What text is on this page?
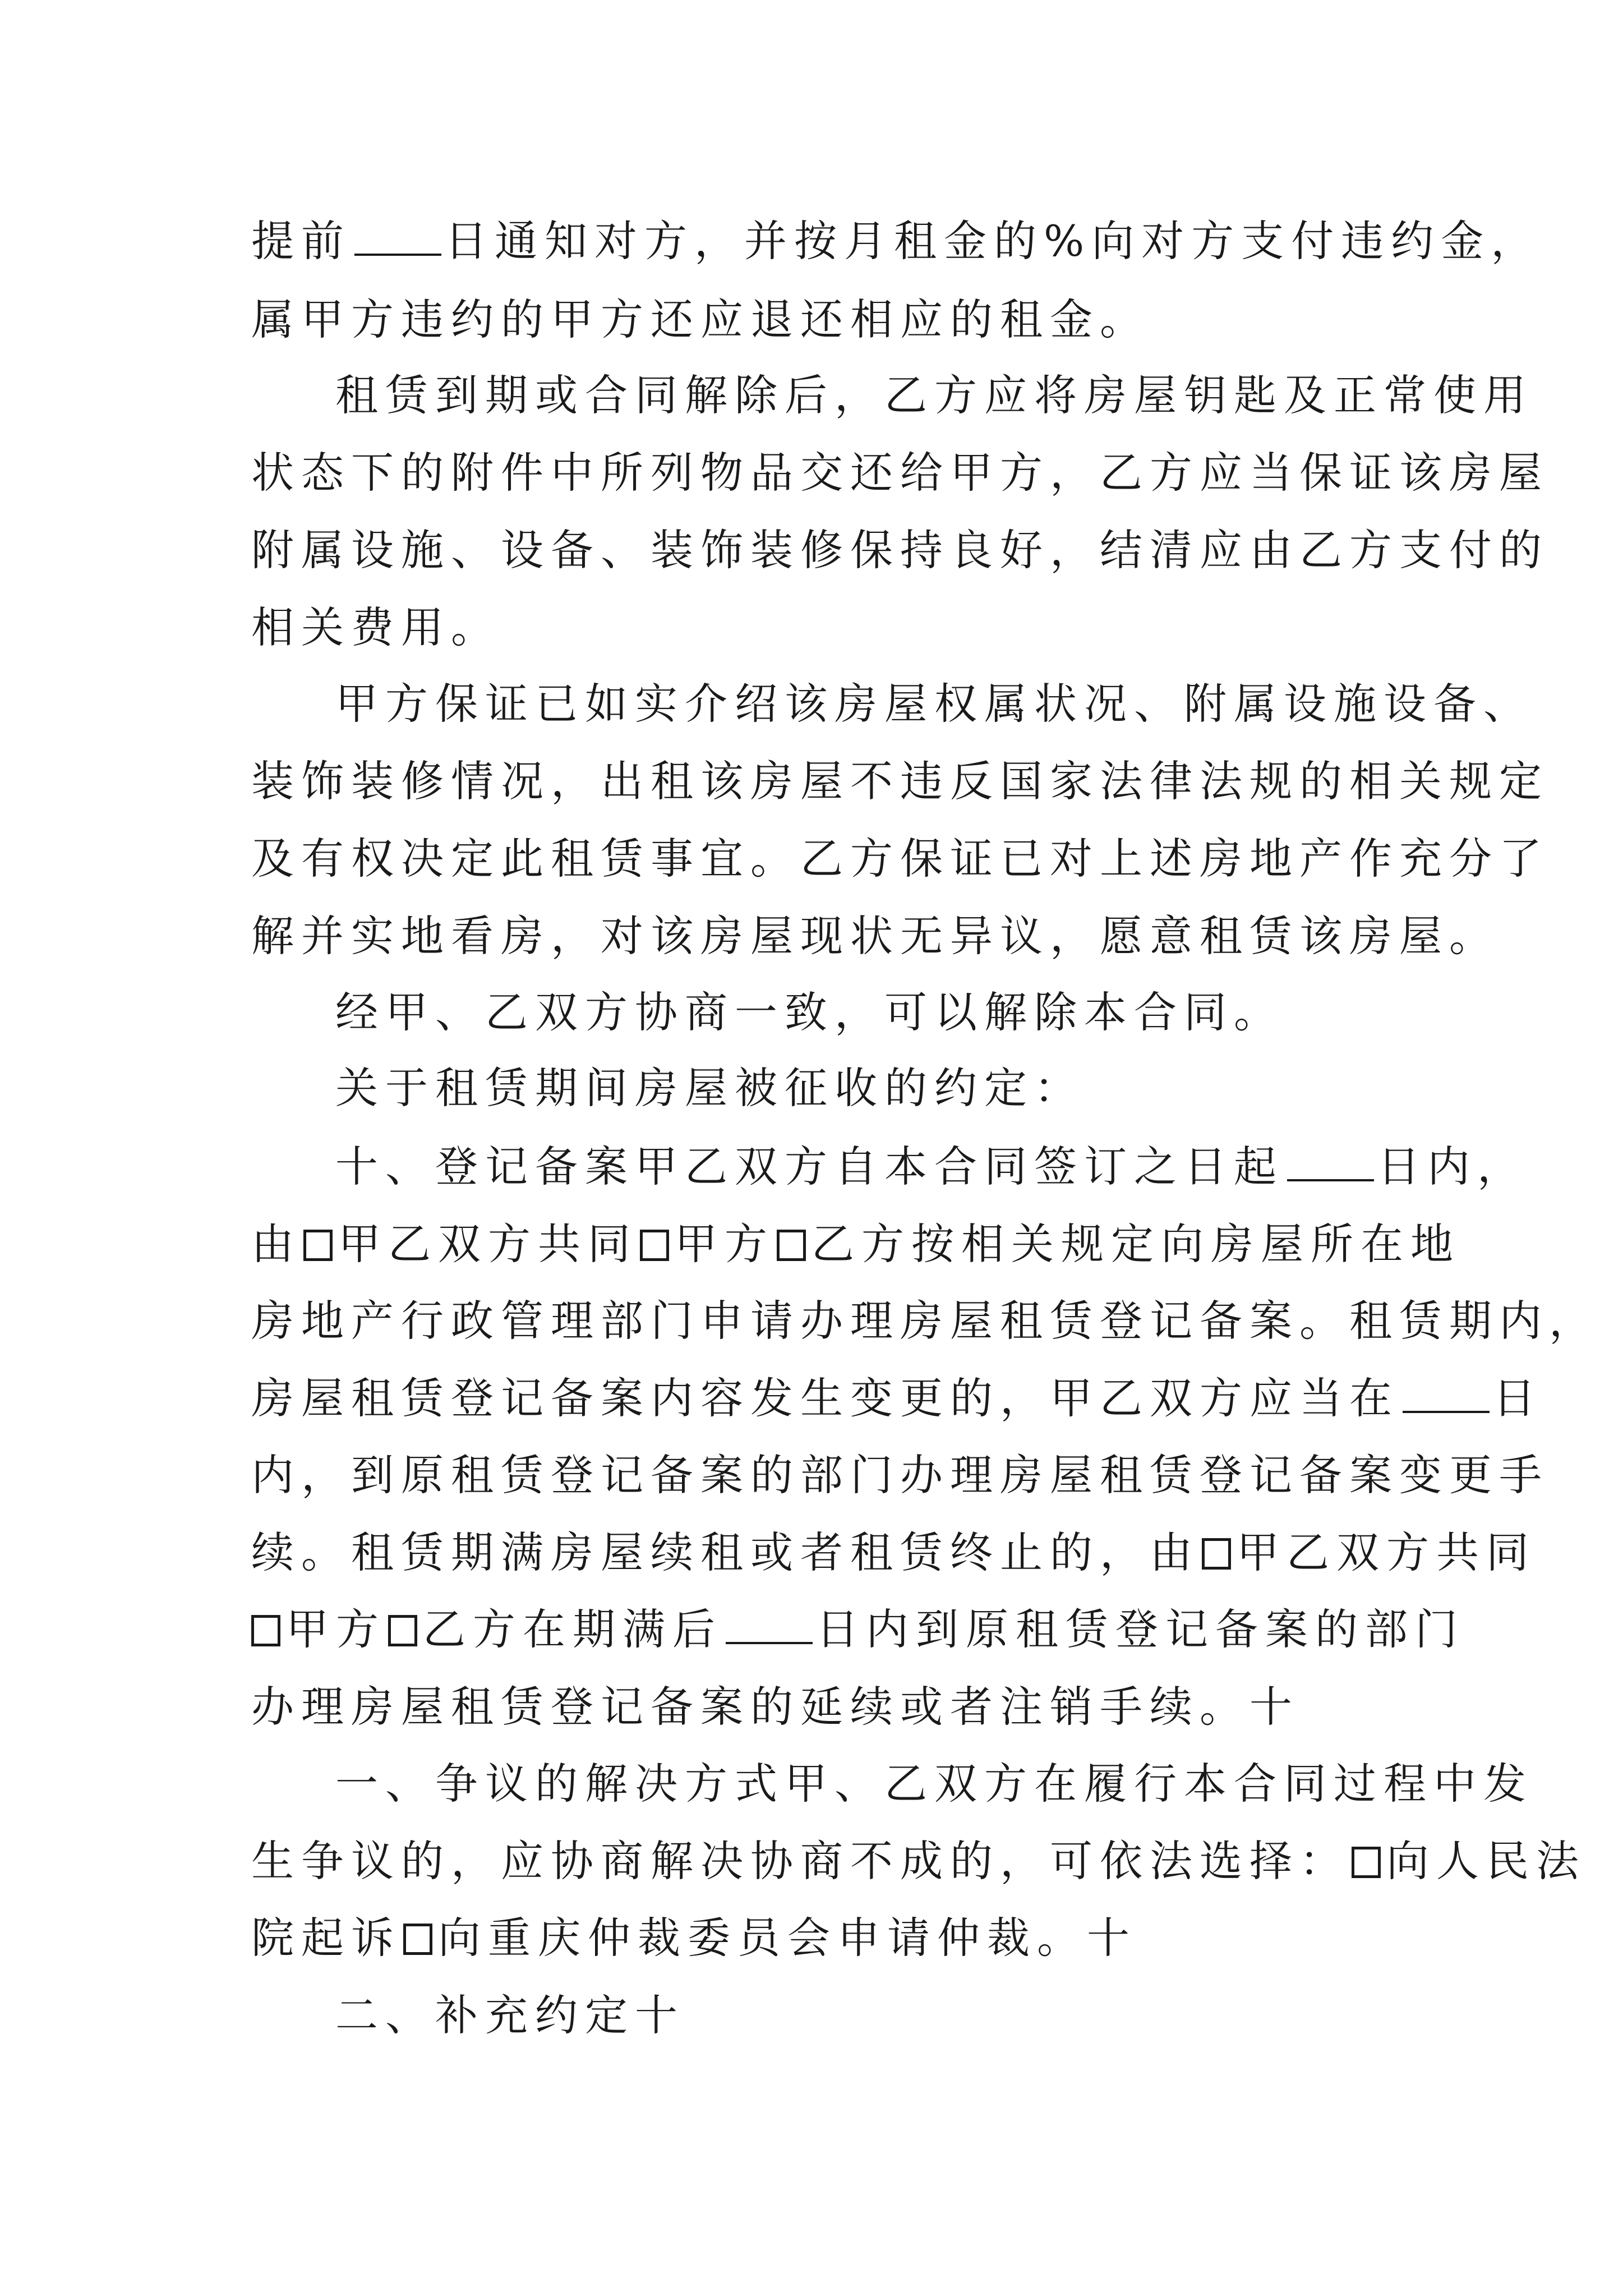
提前 日通知对方，并按月租金的%向对方支付违约金，
属甲方违约的甲方还应退还相应的租金。
租赁到期或合同解除后，乙方应将房屋钥匙及正常使用
状态下的附件中所列物品交还给甲方，乙方应当保证该房屋
附属设施、设备、装饰装修保持良好，结清应由乙方支付的
相关费用。
甲方保证已如实介绍该房屋权属状况、附属设施设备、
装饰装修情况，出租该房屋不违反国家法律法规的相关规定
及有权决定此租赁事宜。乙方保证已对上述房地产作充分了
解并实地看房，对该房屋现状无异议，愿意租赁该房屋。
经甲、乙双方协商一致，可以解除本合同。
关于租赁期间房屋被征收的约定：
十、登记备案甲乙双方自本合同签订之日起 日内，
由 甲乙双方共同 甲方 乙方按相关规定向房屋所在地
房地产行政管理部门申请办理房屋租赁登记备案。租赁期内，
房屋租赁登记备案内容发生变更的，甲乙双方应当在 日
内，到原租赁登记备案的部门办理房屋租赁登记备案变更手
续。租赁期满房屋续租或者租赁终止的，由 甲乙双方共同
甲方 乙方在期满后 日内到原租赁登记备案的部门
办理房屋租赁登记备案的延续或者注销手续。十
一、争议的解决方式甲、乙双方在履行本合同过程中发
生争议的，应协商解决协商不成的，可依法选择： 向人民法
院起诉 向重庆仲裁委员会申请仲裁。十
二、补充约定十
